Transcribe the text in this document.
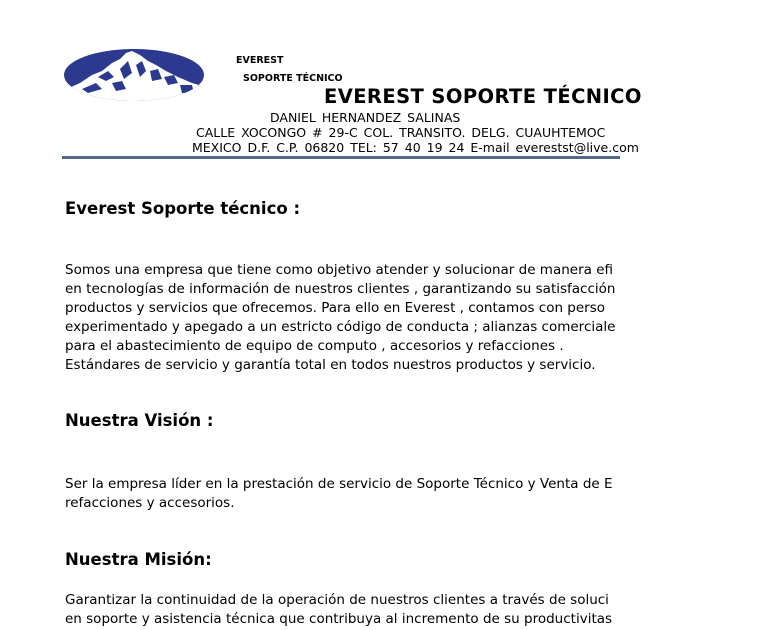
EVEREST
SOPORTE TÉCNICO
EVEREST SOPORTE TÉCNICO
DANIEL HERNANDEZ SALINAS
CALLE XOCONGO # 29-C COL. TRANSITO. DELG. CUAUHTEMOC
MEXICO D.F. C.P. 06820 TEL: 57 40 19 24 E-mail everestst@live.com
Everest Soporte técnico :
Somos una empresa que tiene como objetivo atender y solucionar de manera efi
en tecnologías de información de nuestros clientes , garantizando su satisfacción
productos y servicios que ofrecemos. Para ello en Everest , contamos con perso
experimentado y apegado a un estricto código de conducta ; alianzas comerciale
para el abastecimiento de equipo de computo , accesorios y refacciones .
Estándares de servicio y garantía total en todos nuestros productos y servicio.
Nuestra Visión :
Ser la empresa líder en la prestación de servicio de Soporte Técnico y Venta de E
refacciones y accesorios.
Nuestra Misión:
Garantizar la continuidad de la operación de nuestros clientes a través de soluci
en soporte y asistencia técnica que contribuya al incremento de su productivitas
